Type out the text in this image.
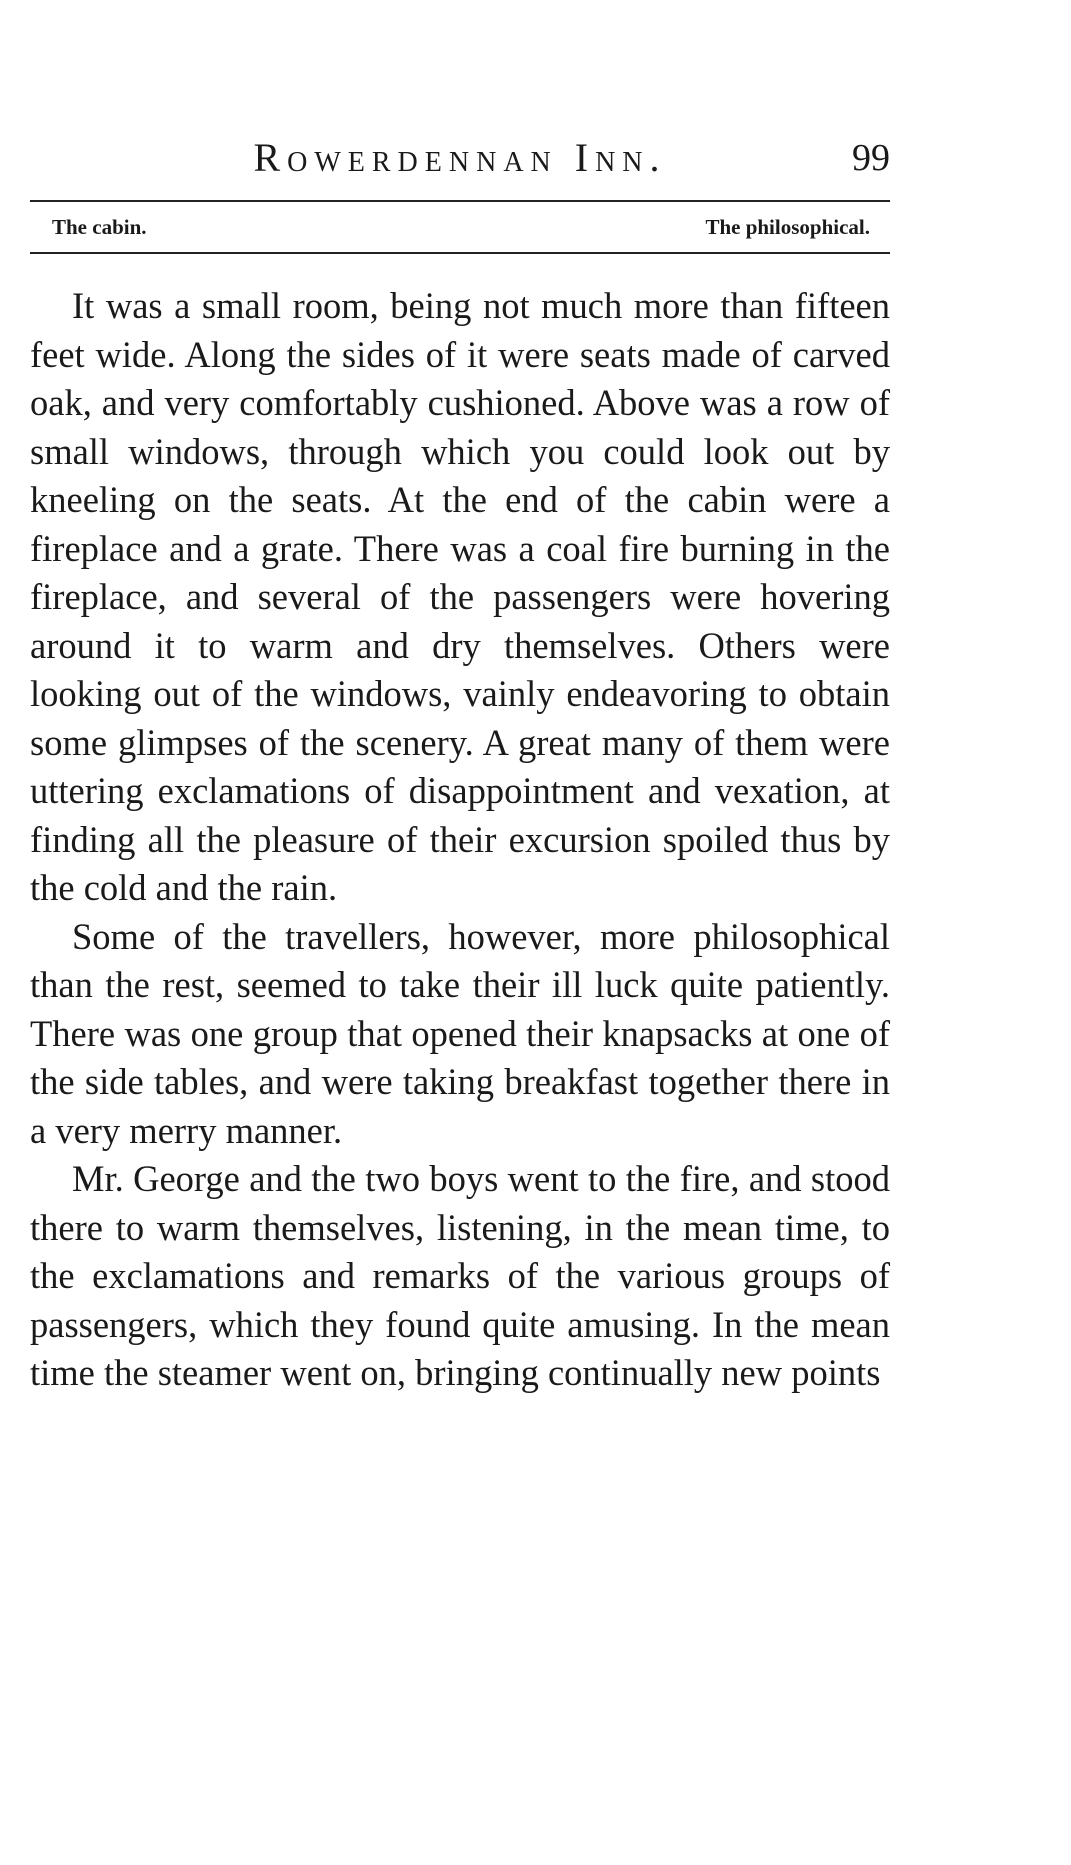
Rowerdennan Inn.	99
The cabin.	The philosophical.

It was a small room, being not much more than fifteen feet wide. Along the sides of it were seats made of carved oak, and very comfortably cushioned. Above was a row of small windows, through which you could look out by kneeling on the seats. At the end of the cabin were a fireplace and a grate. There was a coal fire burning in the fireplace, and several of the passengers were hovering around it to warm and dry themselves. Others were looking out of the windows, vainly endeavoring to obtain some glimpses of the scenery. A great many of them were uttering exclamations of disappointment and vexation, at finding all the pleasure of their excursion spoiled thus by the cold and the rain.

Some of the travellers, however, more philosophical than the rest, seemed to take their ill luck quite patiently. There was one group that opened their knapsacks at one of the side tables, and were taking breakfast together there in a very merry manner.

Mr. George and the two boys went to the fire, and stood there to warm themselves, listening, in the mean time, to the exclamations and remarks of the various groups of passengers, which they found quite amusing. In the mean time the steamer went on, bringing continually new points
